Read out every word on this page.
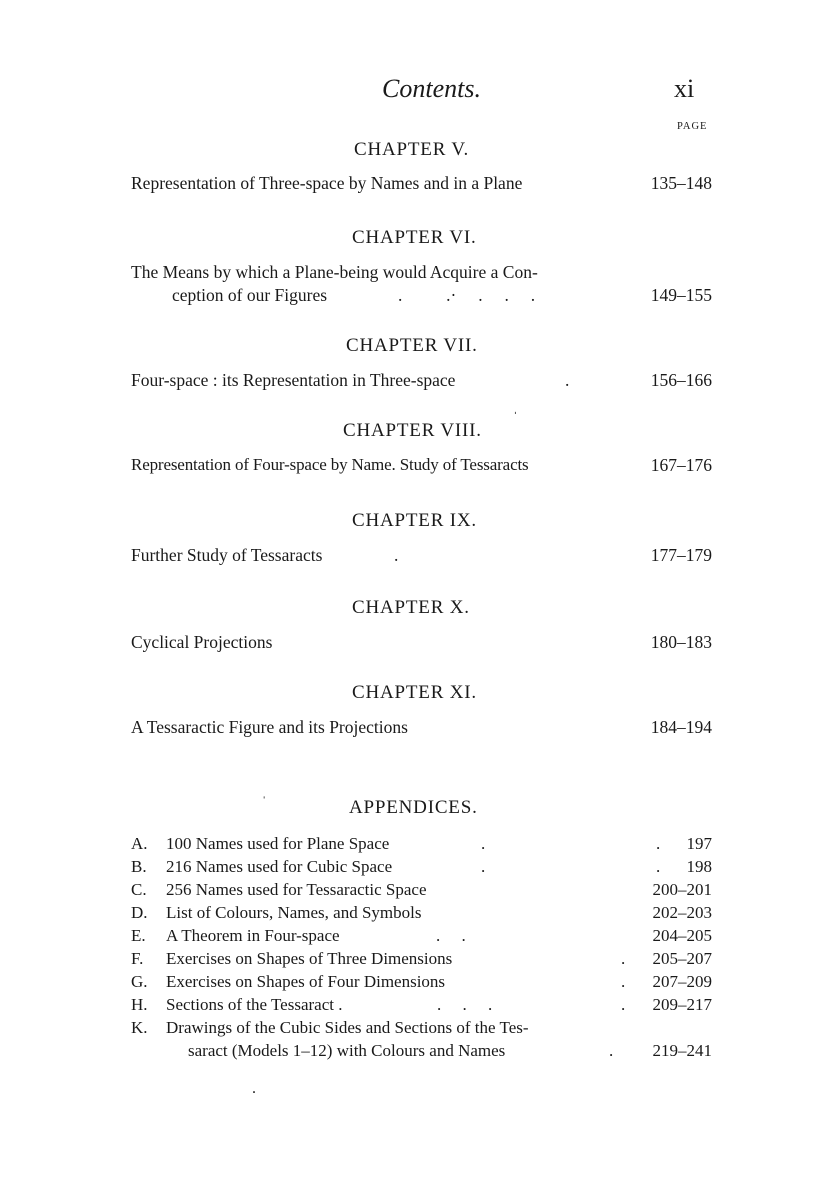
Contents.	xi
PAGE
CHAPTER V.
Representation of Three-space by Names and in a Plane	135–148
CHAPTER VI.
The Means by which a Plane-being would Acquire a Con-
ception of our Figures	.          .·     .     .     .	149–155
CHAPTER VII.
Four-space : its Representation in Three-space	.	156–166
ˌ
CHAPTER VIII.
Representation of Four-space by Name. Study of Tessaracts	167–176
CHAPTER IX.
Further Study of Tessaracts	.	177–179
CHAPTER X.
Cyclical Projections	180–183
CHAPTER XI.
A Tessaractic Figure and its Projections	184–194
ˈ	APPENDICES.
A. 100 Names used for Plane Space	.	. 197
B. 216 Names used for Cubic Space	.	. 198
C. 256 Names used for Tessaractic Space	200–201
D. List of Colours, Names, and Symbols	202–203
E. A Theorem in Four-space	.     .	204–205
F. Exercises on Shapes of Three Dimensions	. 205–207
G. Exercises on Shapes of Four Dimensions	. 207–209
H. Sections of the Tessaract .	.     .     .	. 209–217
K. Drawings of the Cubic Sides and Sections of the Tes-
saract (Models 1–12) with Colours and Names	. 219–241
.
